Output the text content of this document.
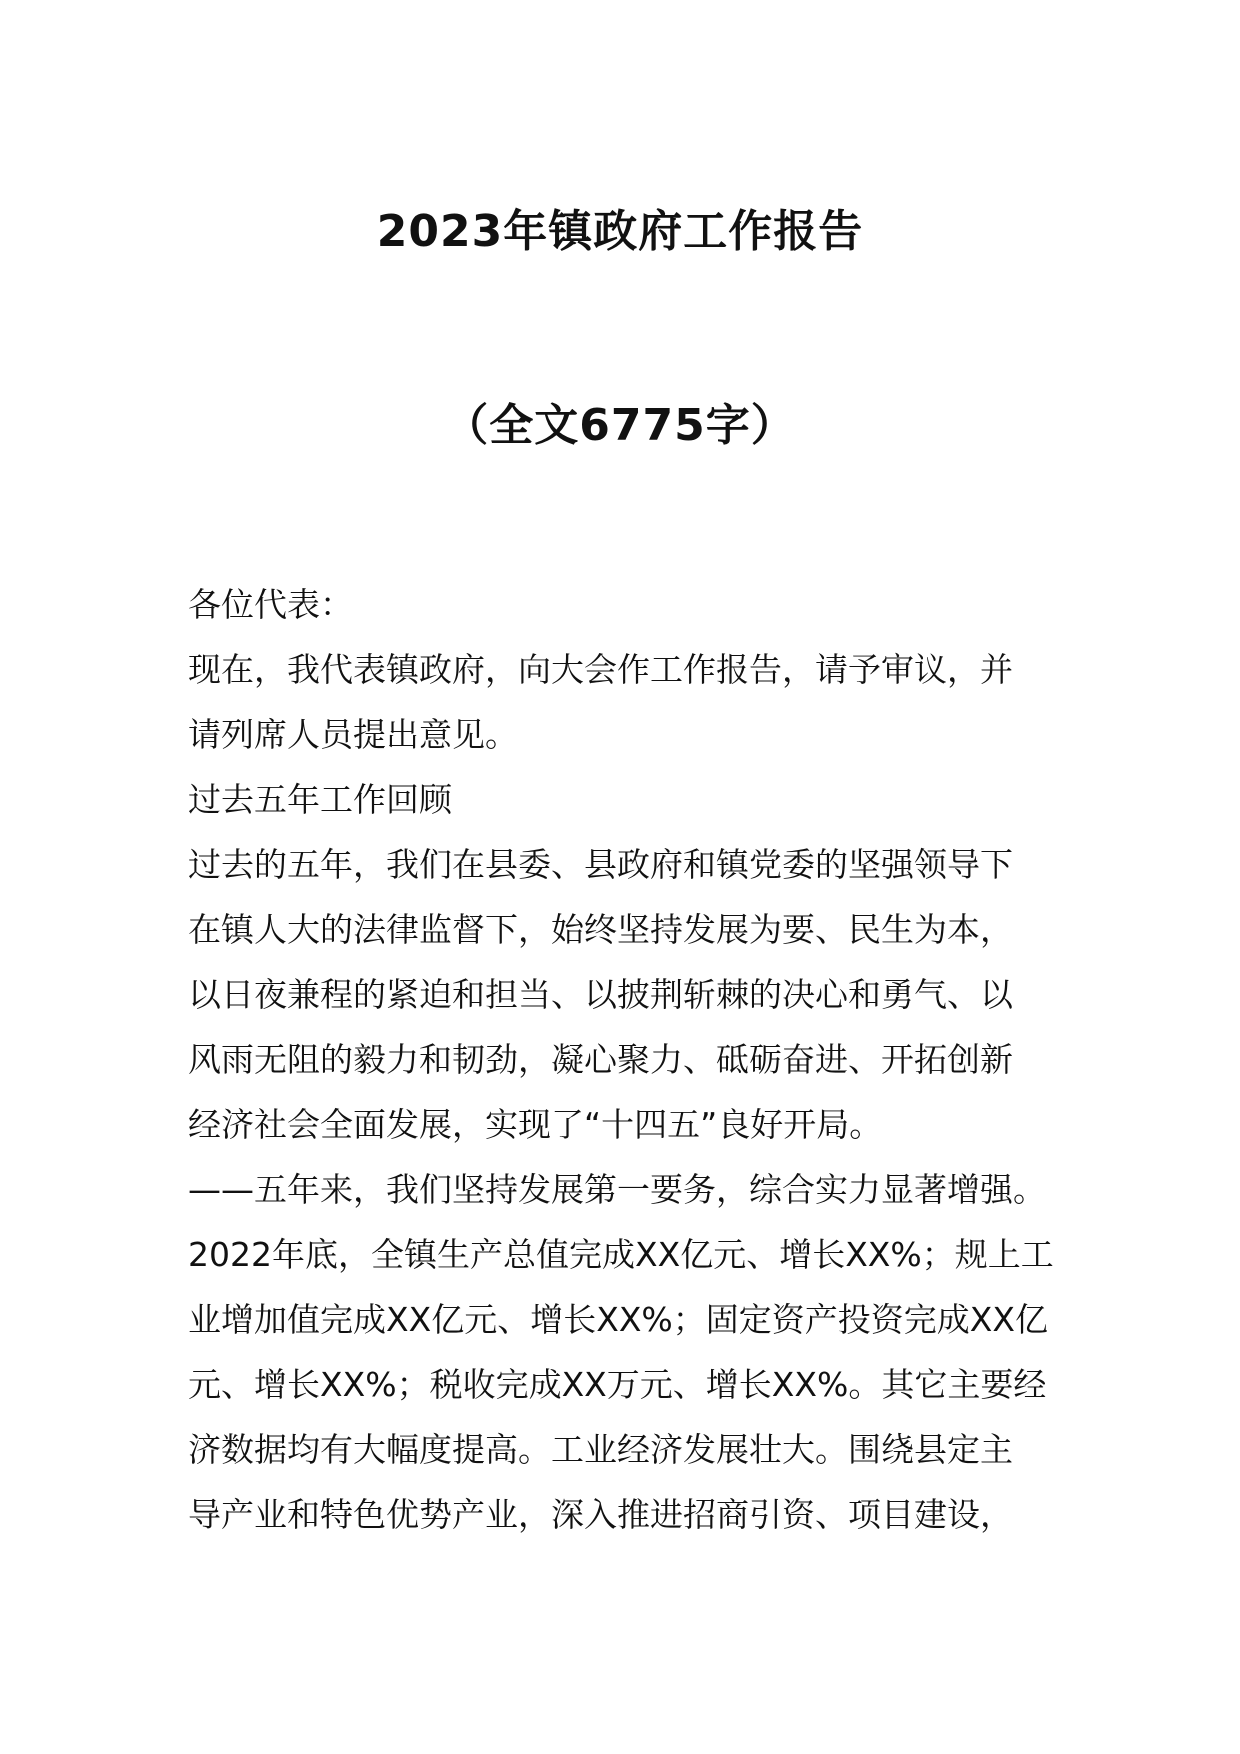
2023年镇政府工作报告
（全文6775字）
各位代表：
现在，我代表镇政府，向大会作工作报告，请予审议，并
请列席人员提出意见。
过去五年工作回顾
过去的五年，我们在县委、县政府和镇党委的坚强领导下
在镇人大的法律监督下，始终坚持发展为要、民生为本，
以日夜兼程的紧迫和担当、以披荆斩棘的决心和勇气、以
风雨无阻的毅力和韧劲，凝心聚力、砥砺奋进、开拓创新
经济社会全面发展，实现了“十四五”良好开局。
——五年来，我们坚持发展第一要务，综合实力显著增强。
2022年底，全镇生产总值完成XX亿元、增长XX%；规上工
业增加值完成XX亿元、增长XX%；固定资产投资完成XX亿
元、增长XX%；税收完成XX万元、增长XX%。其它主要经
济数据均有大幅度提高。工业经济发展壮大。围绕县定主
导产业和特色优势产业，深入推进招商引资、项目建设，
